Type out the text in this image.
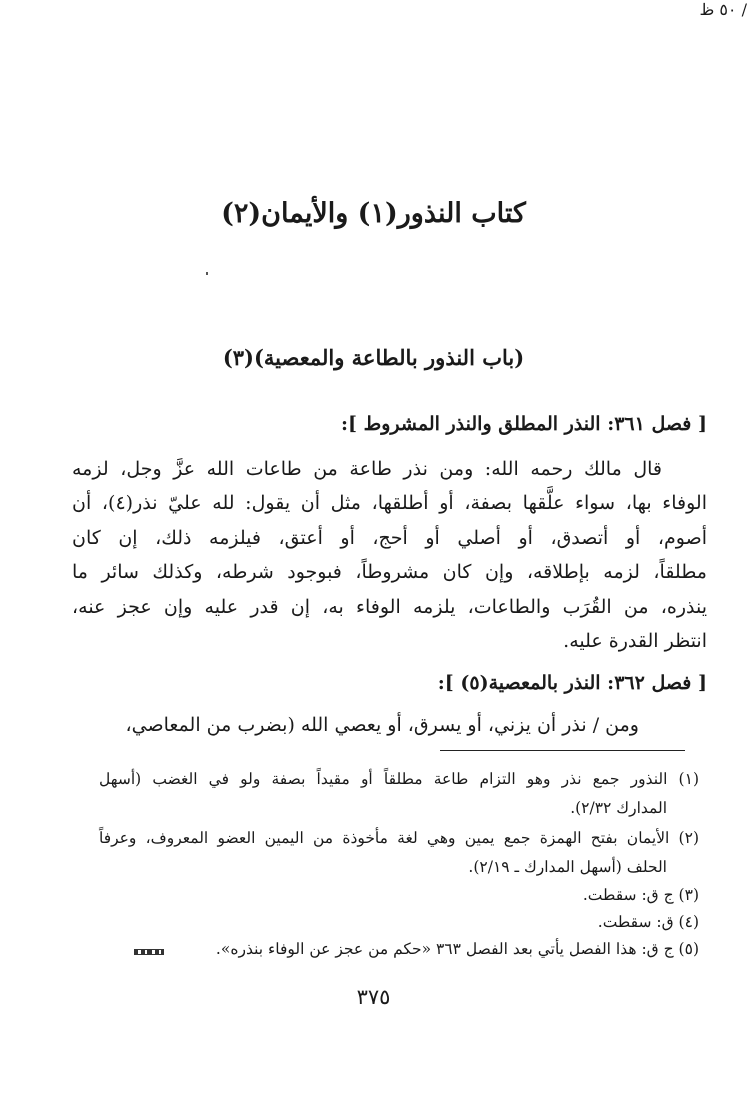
كتاب النذور(١) والأيمان(٢)
(باب النذور بالطاعة والمعصية)(٣)
[ فصل ٣٦١: النذر المطلق والنذر المشروط ]:
قال مالك رحمه الله: ومن نذر طاعة من طاعات الله عزَّ وجل، لزمه
الوفاء بها، سواء علَّقها بصفة، أو أطلقها، مثل أن يقول: لله عليّ نذر(٤)، أن
أصوم، أو أتصدق، أو أصلي أو أحج، أو أعتق، فيلزمه ذلك، إن كان
مطلقاً، لزمه بإطلاقه، وإن كان مشروطاً، فبوجود شرطه، وكذلك سائر ما
ينذره، من القُرَب والطاعات، يلزمه الوفاء به، إن قدر عليه وإن عجز عنه،
انتظر القدرة عليه.
[ فصل ٣٦٢: النذر بالمعصية(٥) ]:
ومن / نذر أن يزني، أو يسرق، أو يعصي الله (بضرب من المعاصي،
/ ٥٠ ظ
(١) النذور جمع نذر وهو التزام طاعة مطلقاً أو مقيداً بصفة ولو في الغضب (أسهل
المدارك ٢/٣٢).
(٢) الأيمان بفتح الهمزة جمع يمين وهي لغة مأخوذة من اليمين العضو المعروف، وعرفاً
الحلف (أسهل المدارك ـ ٢/١٩).
(٣) ج ق: سقطت.
(٤) ق: سقطت.
(٥) ج ق: هذا الفصل يأتي بعد الفصل ٣٦٣ «حكم من عجز عن الوفاء بنذره».
٣٧٥
